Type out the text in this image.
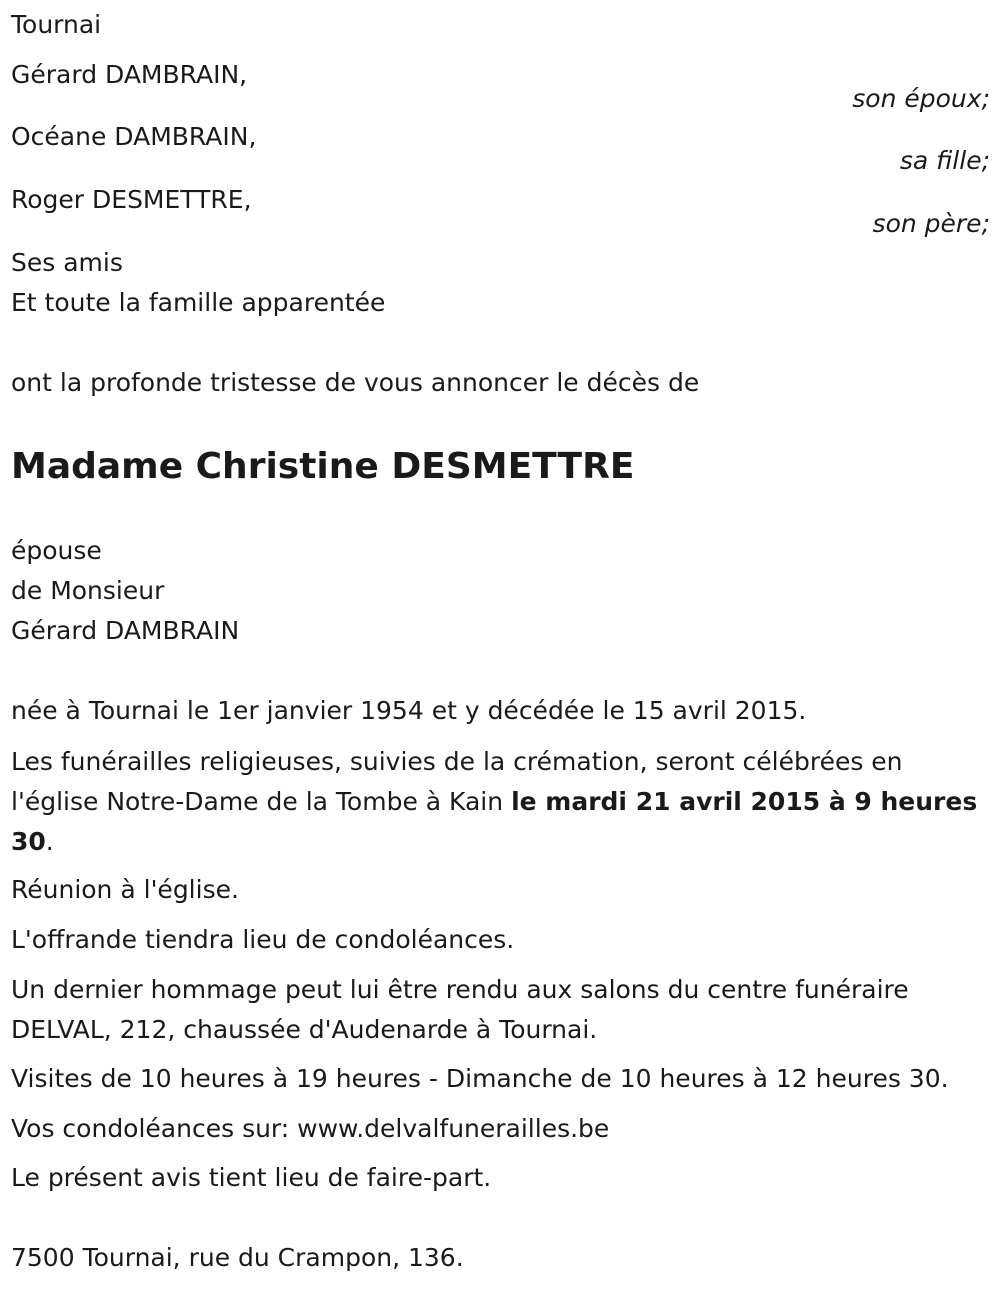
Tournai
Gérard DAMBRAIN,
son époux;
Océane DAMBRAIN,
sa fille;
Roger DESMETTRE,
son père;
Ses amis
Et toute la famille apparentée
ont la profonde tristesse de vous annoncer le décès de
Madame Christine DESMETTRE
épouse
de Monsieur
Gérard DAMBRAIN
née à Tournai le 1er janvier 1954 et y décédée le 15 avril 2015.
Les funérailles religieuses, suivies de la crémation, seront célébrées en l'église Notre-Dame de la Tombe à Kain le mardi 21 avril 2015 à 9 heures 30.
Réunion à l'église.
L'offrande tiendra lieu de condoléances.
Un dernier hommage peut lui être rendu aux salons du centre funéraire DELVAL, 212, chaussée d'Audenarde à Tournai.
Visites de 10 heures à 19 heures - Dimanche de 10 heures à 12 heures 30.
Vos condoléances sur: www.delvalfunerailles.be
Le présent avis tient lieu de faire-part.
7500 Tournai, rue du Crampon, 136.
